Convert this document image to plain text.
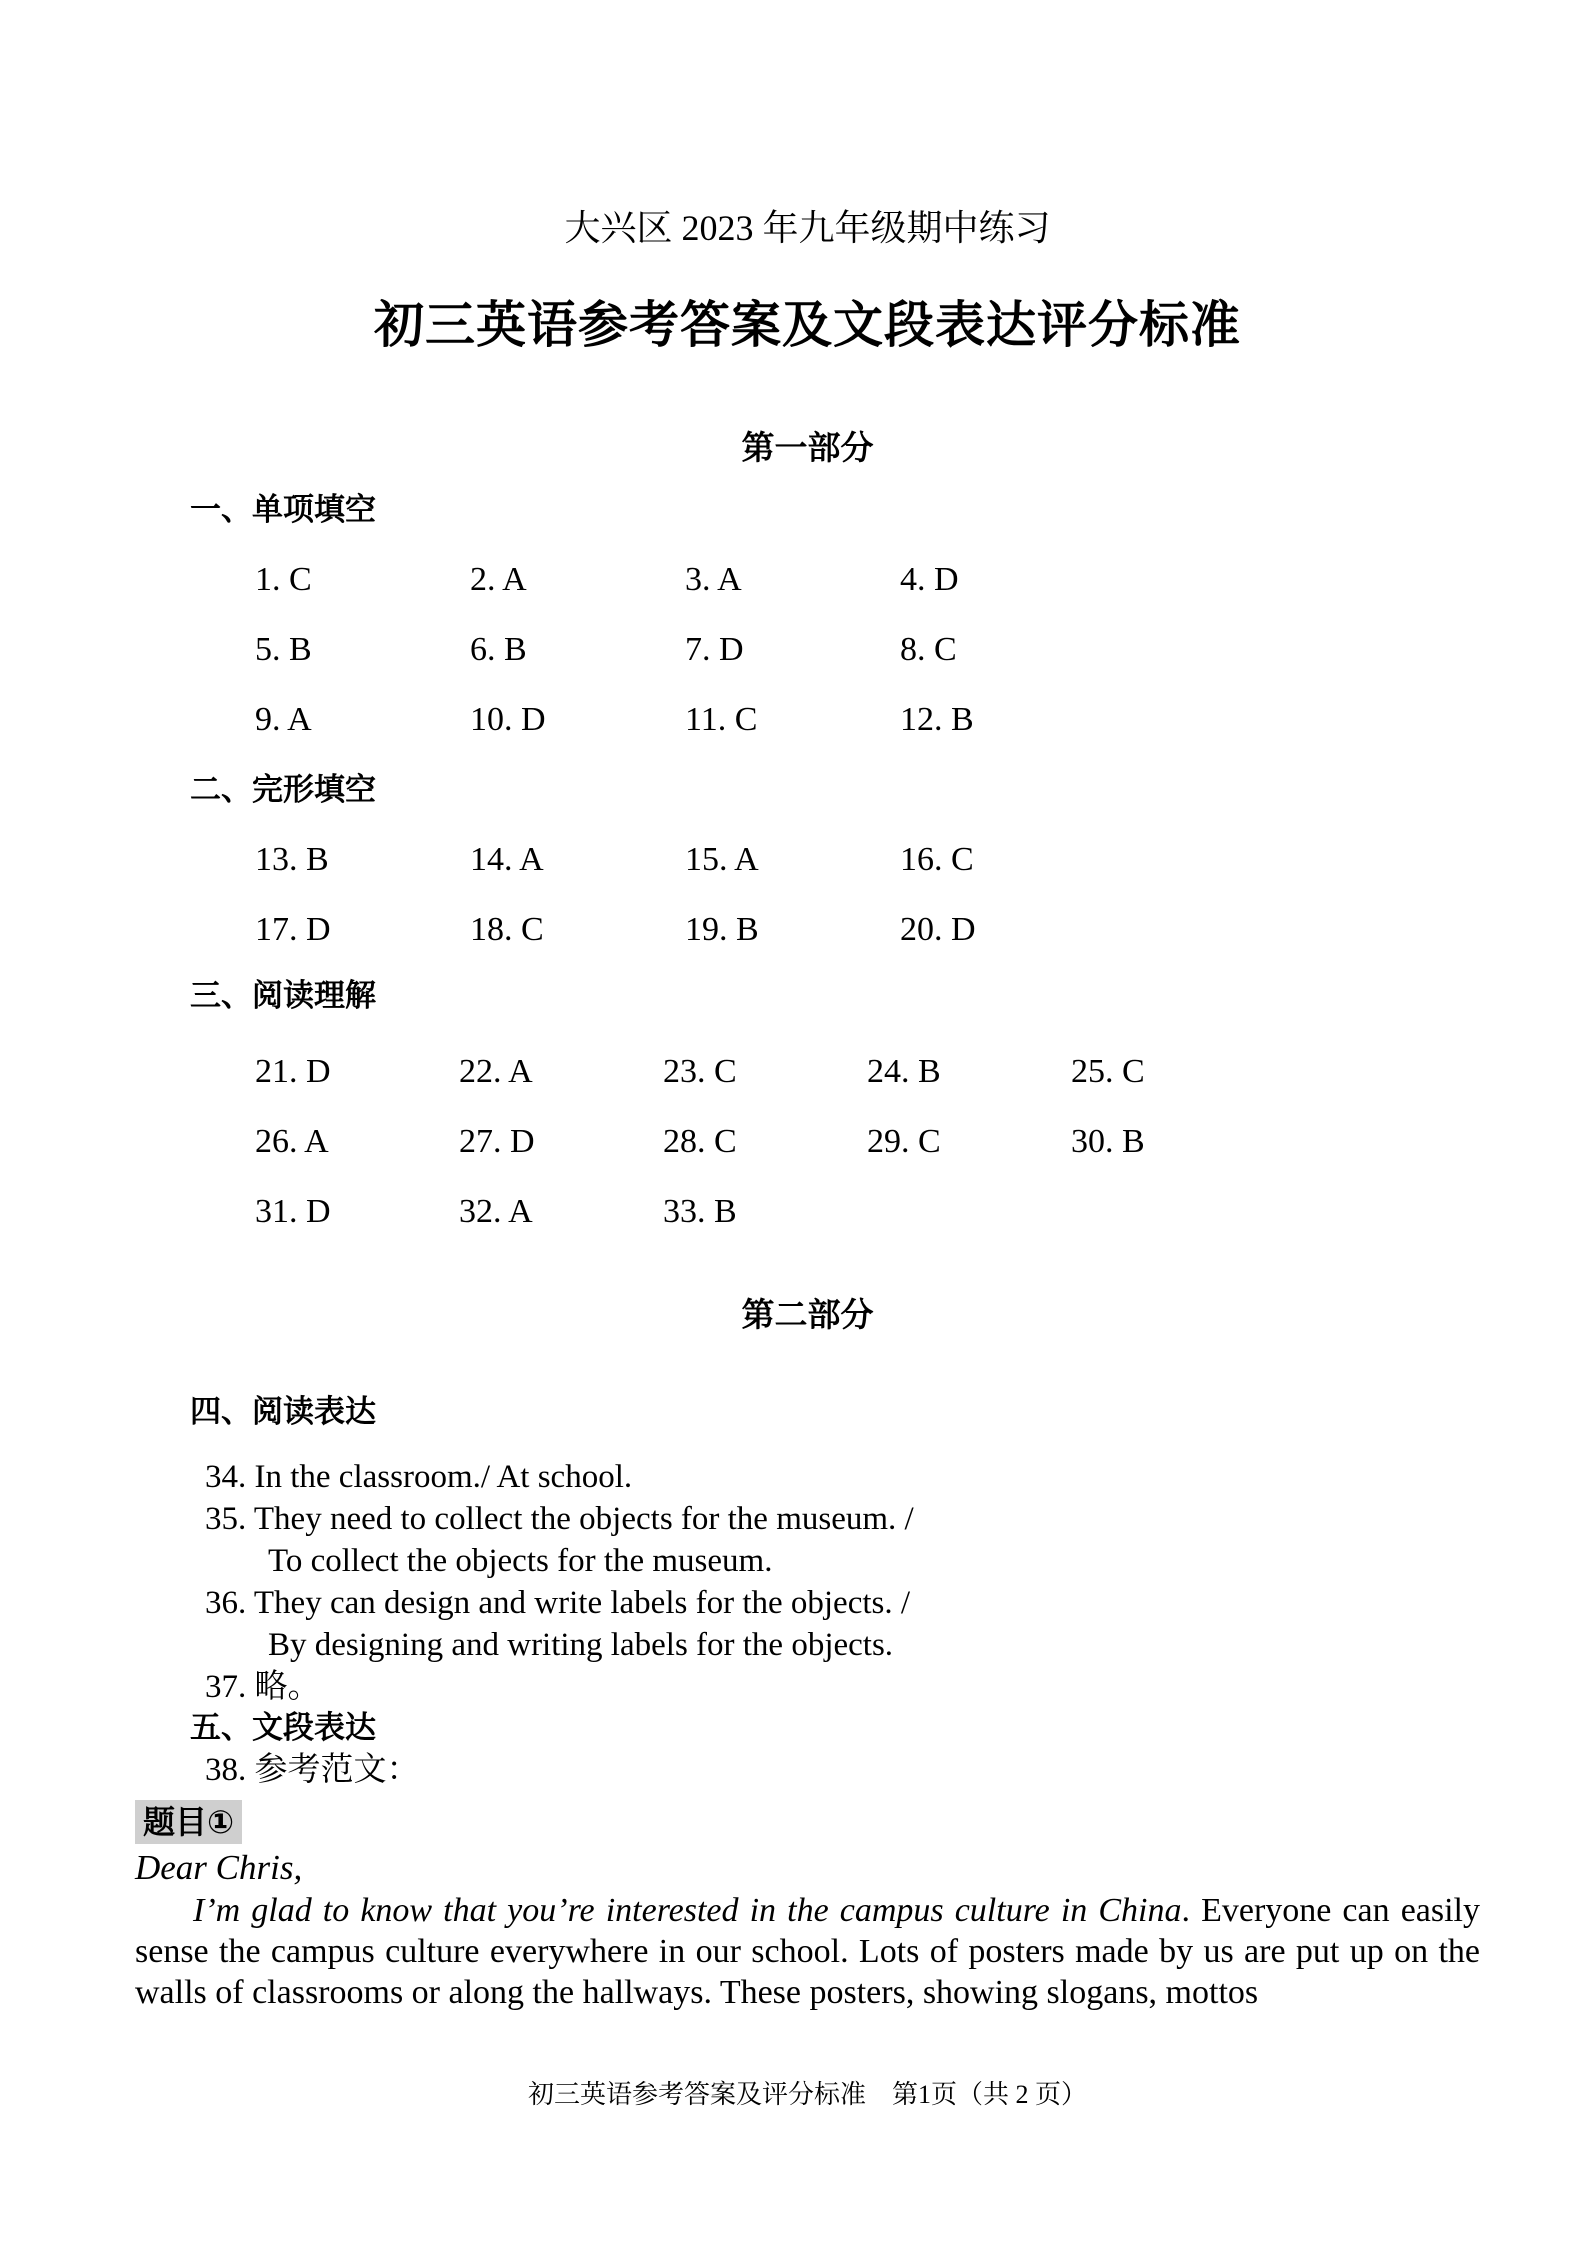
大兴区 2023 年九年级期中练习
初三英语参考答案及文段表达评分标准
第一部分
一、单项填空
1. C	2. A	3. A	4. D
5. B	6. B	7. D	8. C
9. A	10. D	11. C	12. B
二、完形填空
13. B	14. A	15. A	16. C
17. D	18. C	19. B	20. D
三、阅读理解
21. D	22. A	23. C	24. B	25. C
26. A	27. D	28. C	29. C	30. B
31. D	32. A	33. B
第二部分
四、阅读表达
34. In the classroom./ At school.
35. They need to collect the objects for the museum. /
To collect the objects for the museum.
36. They can design and write labels for the objects. /
By designing and writing labels for the objects.
37. 略。
五、文段表达
38. 参考范文：
题目①
Dear Chris,
I’m glad to know that you’re interested in the campus culture in China. Everyone can easily sense the campus culture everywhere in our school. Lots of posters made by us are put up on the walls of classrooms or along the hallways. These posters, showing slogans, mottos
初三英语参考答案及评分标准　第1页（共 2 页）
